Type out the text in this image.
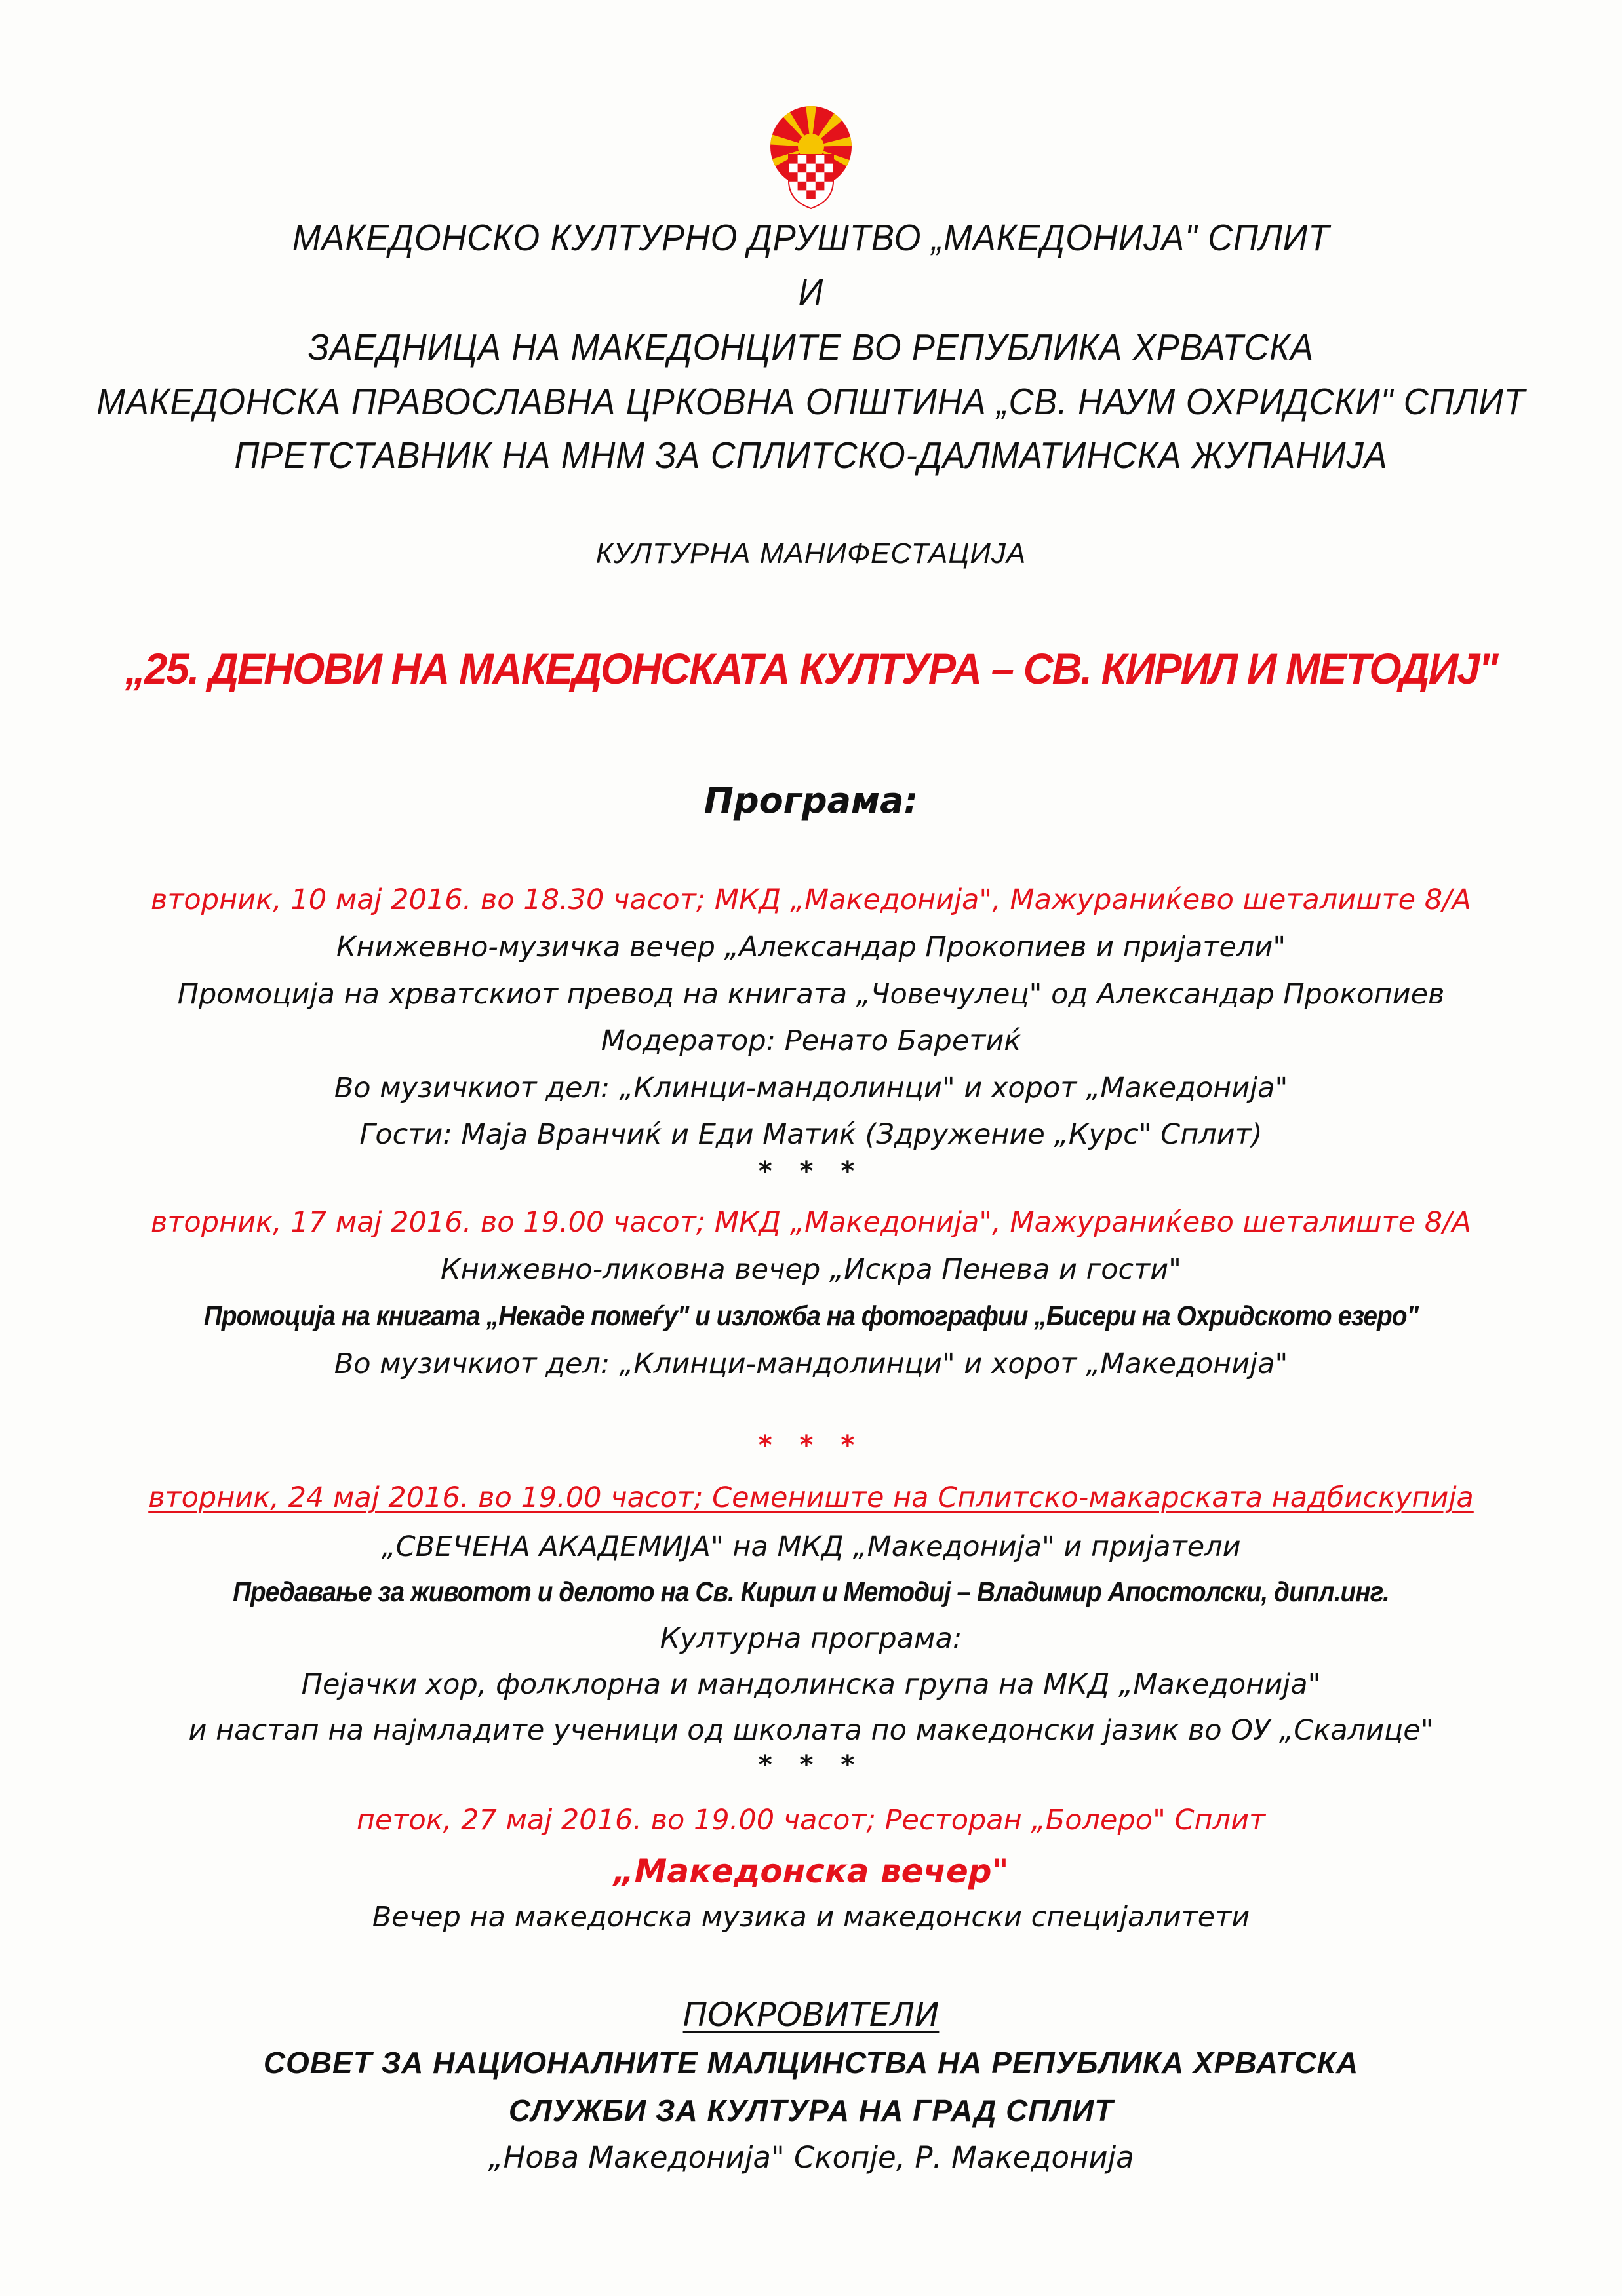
МАКЕДОНСКО КУЛТУРНО ДРУШТВО „МАКЕДОНИЈА" СПЛИТ
И
ЗАЕДНИЦА НА МАКЕДОНЦИТЕ ВО РЕПУБЛИКА ХРВАТСКА
МАКЕДОНСКА ПРАВОСЛАВНА ЦРКОВНА ОПШТИНА „СВ. НАУМ ОХРИДСКИ" СПЛИТ
ПРЕТСТАВНИК НА МНМ ЗА СПЛИТСКО-ДАЛМАТИНСКА ЖУПАНИЈА
КУЛТУРНА МАНИФЕСТАЦИЈА
„25. ДЕНОВИ НА МАКЕДОНСКАТА КУЛТУРА – СВ. КИРИЛ И МЕТОДИЈ"
Програма:
вторник, 10 мај 2016. во 18.30 часот; МКД „Македонија", Мажураниќево шеталиште 8/А
Книжевно-музичка вечер „Александар Прокопиев и пријатели"
Промоција на хрватскиот превод на книгата „Човечулец" од Александар Прокопиев
Модератор: Ренато Баретиќ
Во музичкиот дел: „Клинци-мандолинци" и хорот „Македонија"
Гости: Маја Вранчиќ и Еди Матиќ (Здружение „Курс" Сплит)
* * *
вторник, 17 мај 2016. во 19.00 часот; МКД „Македонија", Мажураниќево шеталиште 8/А
Книжевно-ликовна вечер „Искра Пенева и гости"
Промоција на книгата „Некаде помеѓу" и изложба на фотографии „Бисери на Охридското езеро"
Во музичкиот дел: „Клинци-мандолинци" и хорот „Македонија"
* * *
вторник, 24 мај 2016. во 19.00 часот; Семениште на Сплитско-макарската надбискупија
„СВЕЧЕНА АКАДЕМИЈА" на МКД „Македонија" и пријатели
Предавање за животот и делото на Св. Кирил и Методиј – Владимир Апостолски, дипл.инг.
Културна програма:
Пејачки хор, фолклорна и мандолинска група на МКД „Македонија"
и настап на најмладите ученици од школата по македонски јазик во ОУ „Скалице"
* * *
петок, 27 мај 2016. во 19.00 часот; Ресторан „Болеро" Сплит
„Македонска вечер"
Вечер на македонска музика и македонски специјалитети
ПОКРОВИТЕЛИ
СОВЕТ ЗА НАЦИОНАЛНИТЕ МАЛЦИНСТВА НА РЕПУБЛИКА ХРВАТСКА
СЛУЖБИ ЗА КУЛТУРА НА ГРАД СПЛИТ
„Нова Македонија" Скопје, Р. Македонија
